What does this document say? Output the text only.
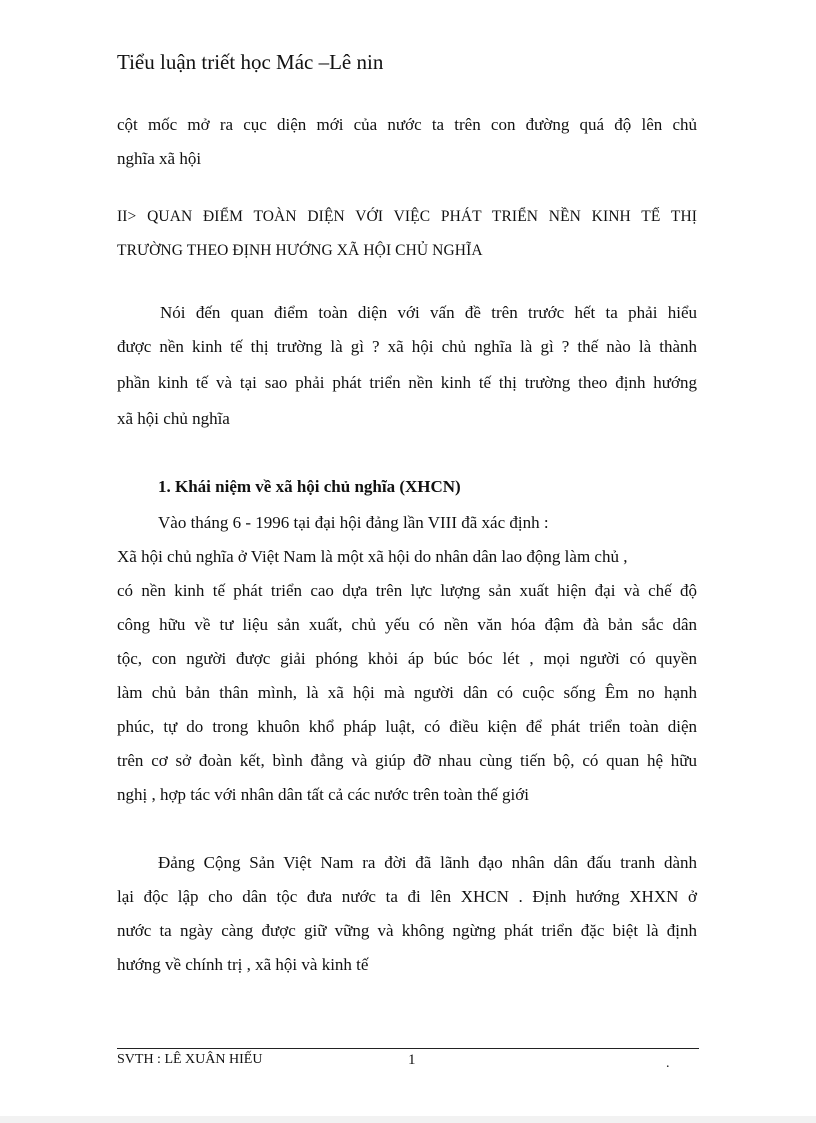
Tiểu luận triết học Mác –Lê nin
cột mốc mở ra cục diện mới của nước ta trên con đường quá độ lên chủ
nghĩa xã hội
II> QUAN ĐIỂM TOÀN DIỆN VỚI VIỆC PHÁT TRIỂN NỀN KINH TẾ THỊ
TRƯỜNG THEO ĐỊNH HƯỚNG XÃ HỘI CHỦ NGHĨA
Nói đến quan điểm toàn diện với vấn đề trên trước hết ta phải hiểu
được nền kinh tế thị trường là gì ? xã hội chủ nghĩa là gì ? thế nào là thành
phần kinh tế và tại sao phải phát triển nền kinh tế thị trường theo định hướng
xã hội chủ nghĩa
1. Khái niệm về xã hội chủ nghĩa (XHCN)
Vào tháng 6 - 1996 tại đại hội đảng lần VIII đã xác định :
Xã hội chủ nghĩa ở Việt Nam là một xã hội do nhân dân lao động làm chủ ,
có nền kinh tế phát triển cao dựa trên lực lượng sản xuất hiện đại và chế độ
công hữu về tư liệu sản xuất, chủ yếu có nền văn hóa đậm đà bản sắc dân
tộc, con người được giải phóng khỏi áp búc bóc lét , mọi người có quyền
làm chủ bản thân mình, là xã hội mà người dân có cuộc sống Êm no hạnh
phúc, tự do trong khuôn khổ pháp luật, có điều kiện để phát triển toàn diện
trên cơ sở đoàn kết, bình đẳng và giúp đỡ nhau cùng tiến bộ, có quan hệ hữu
nghị , hợp tác với nhân dân tất cả các nước trên toàn thế giới
Đảng Cộng Sản Việt Nam ra đời đã lãnh đạo nhân dân đấu tranh dành
lại độc lập cho dân tộc đưa nước ta đi lên XHCN . Định hướng XHXN ở
nước ta ngày càng được giữ vững và không ngừng phát triển đặc biệt là định
hướng về chính trị , xã hội và kinh tế
SVTH : LÊ XUÂN HIẾU	1	.
